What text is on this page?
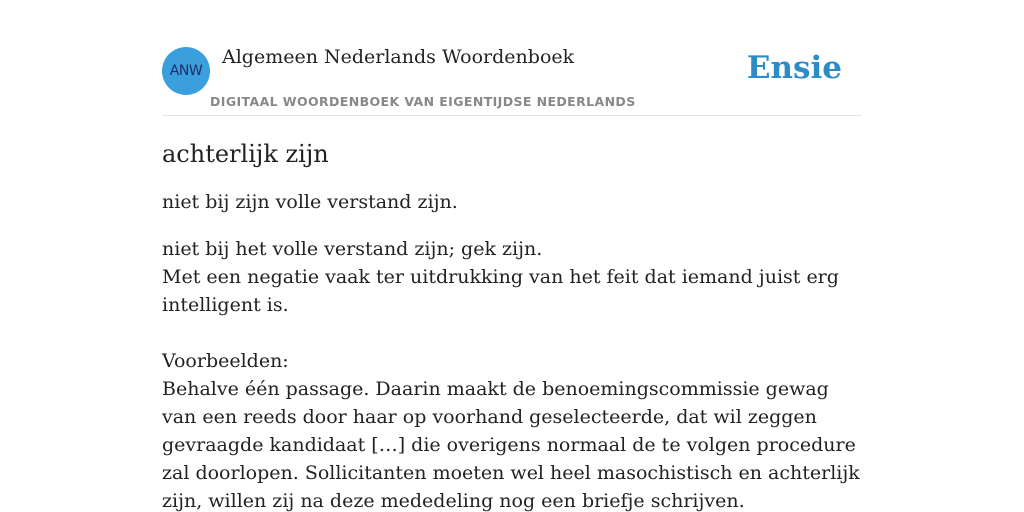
ANW
Algemeen Nederlands Woordenboek
DIGITAAL WOORDENBOEK VAN EIGENTIJDSE NEDERLANDS
Ensie
achterlijk zijn

niet bij zijn volle verstand zijn.

niet bij het volle verstand zijn; gek zijn.
Met een negatie vaak ter uitdrukking van het feit dat iemand juist erg intelligent is.
Voorbeelden:
Behalve één passage. Daarin maakt de benoemingscommissie gewag van een reeds door haar op voorhand geselecteerde, dat wil zeggen gevraagde kandidaat […] die overigens normaal de te volgen procedure zal doorlopen. Sollicitanten moeten wel heel masochistisch en achterlijk zijn, willen zij na deze mededeling nog een briefje schrijven.
